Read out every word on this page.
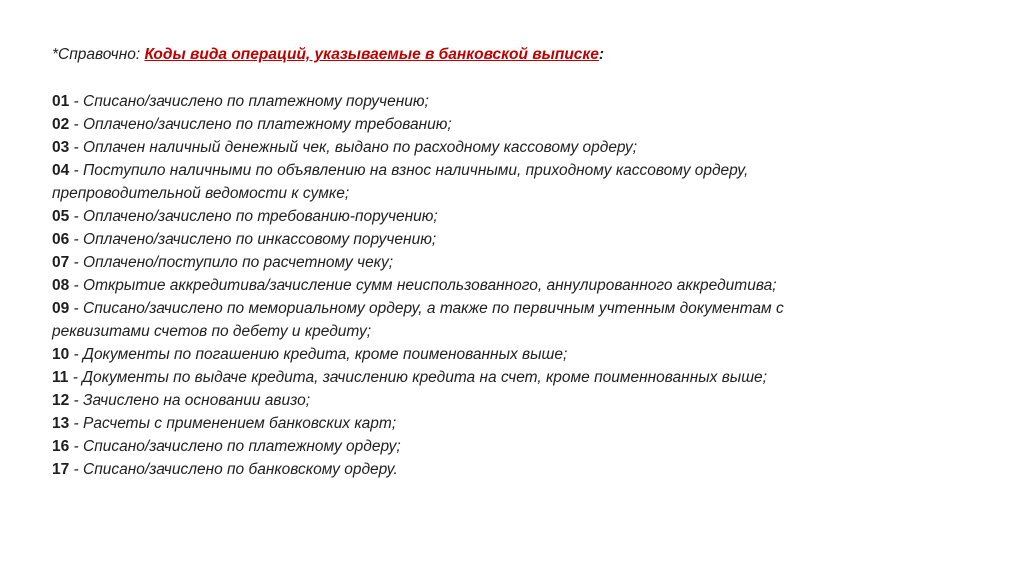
*Справочно: Коды вида операций, указываемые в банковской выписке:

01 - Списано/зачислено по платежному поручению;
02 - Оплачено/зачислено по платежному требованию;
03 - Оплачен наличный денежный чек, выдано по расходному кассовому ордеру;
04 - Поступило наличными по объявлению на взнос наличными, приходному кассовому ордеру,
препроводительной ведомости к сумке;
05 - Оплачено/зачислено по требованию-поручению;
06 - Оплачено/зачислено по инкассовому поручению;
07 - Оплачено/поступило по расчетному чеку;
08 - Открытие аккредитива/зачисление сумм неиспользованного, аннулированного аккредитива;
09 - Списано/зачислено по мемориальному ордеру, а также по первичным учтенным документам с
реквизитами счетов по дебету и кредиту;
10 - Документы по погашению кредита, кроме поименованных выше;
11 - Документы по выдаче кредита, зачислению кредита на счет, кроме поименнованных выше;
12 - Зачислено на основании авизо;
13 - Расчеты с применением банковских карт;
16 - Списано/зачислено по платежному ордеру;
17 - Списано/зачислено по банковскому ордеру.
